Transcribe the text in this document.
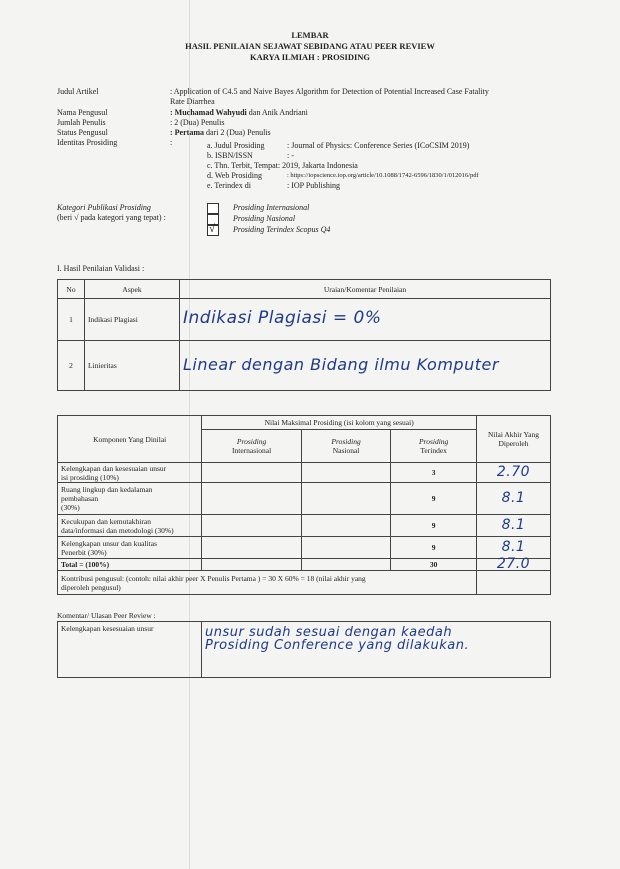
LEMBAR
HASIL PENILAIAN SEJAWAT SEBIDANG ATAU PEER REVIEW
KARYA ILMIAH : PROSIDING
Judul Artikel	: Application of C4.5 and Naive Bayes Algorithm for Detection of Potential Increased Case Fatality
Rate Diarrhea
Nama Pengusul	: Muchamad Wahyudi dan Anik Andriani
Jumlah Penulis	: 2 (Dua) Penulis
Status Pengusul	: Pertama dari 2 (Dua) Penulis
Identitas Prosiding	:	a. Judul Prosiding	: Journal of Physics: Conference Series (ICoCSIM 2019)
b. ISBN/ISSN	: -
c. Thn. Terbit, Tempat: 2019, Jakarta Indonesia
d. Web Prosiding	: https://iopscience.iop.org/article/10.1088/1742-6596/1830/1/012016/pdf
e. Terindex di	: IOP Publishing
Kategori Publikasi Prosiding
(beri √ pada kategori yang tepat) :
√
Prosiding Internasional
Prosiding Nasional
Prosiding Terindex Scopus Q4
I. Hasil Penilaian Validasi :
No	Aspek	Uraian/Komentar Penilaian
1	Indikasi Plagiasi	Indikasi Plagiasi = 0%
2	Linieritas	Linear dengan Bidang ilmu Komputer
Komponen Yang Dinilai	Nilai Maksimal Prosiding (isi kolom yang sesuai)			Nilai Akhir Yang
Diperoleh
	Prosiding
Internasional	Prosiding
Nasional	Prosiding
Terindex	
Kelengkapan dan kesesuaian unsur
isi prosiding (10%)			3	2.70
Ruang lingkup dan kedalaman
pembahasan
(30%)			9	8.1
Kecukupan dan kemutakhiran
data/informasi dan metodologi (30%)			9	8.1
Kelengkapan unsur dan kualitas
Penerbit (30%)			9	8.1
Total = (100%)			30	27.0
Kontribusi pengusul: (contoh: nilai akhir peer X Penulis Pertama ) = 30 X 60% = 18 (nilai akhir yang
diperoleh pengusul)				
Komentar/ Ulasan Peer Review :
Kelengkapan kesesuaian unsur	unsur sudah sesuai dengan kaedah
Prosiding Conference yang dilakukan.
